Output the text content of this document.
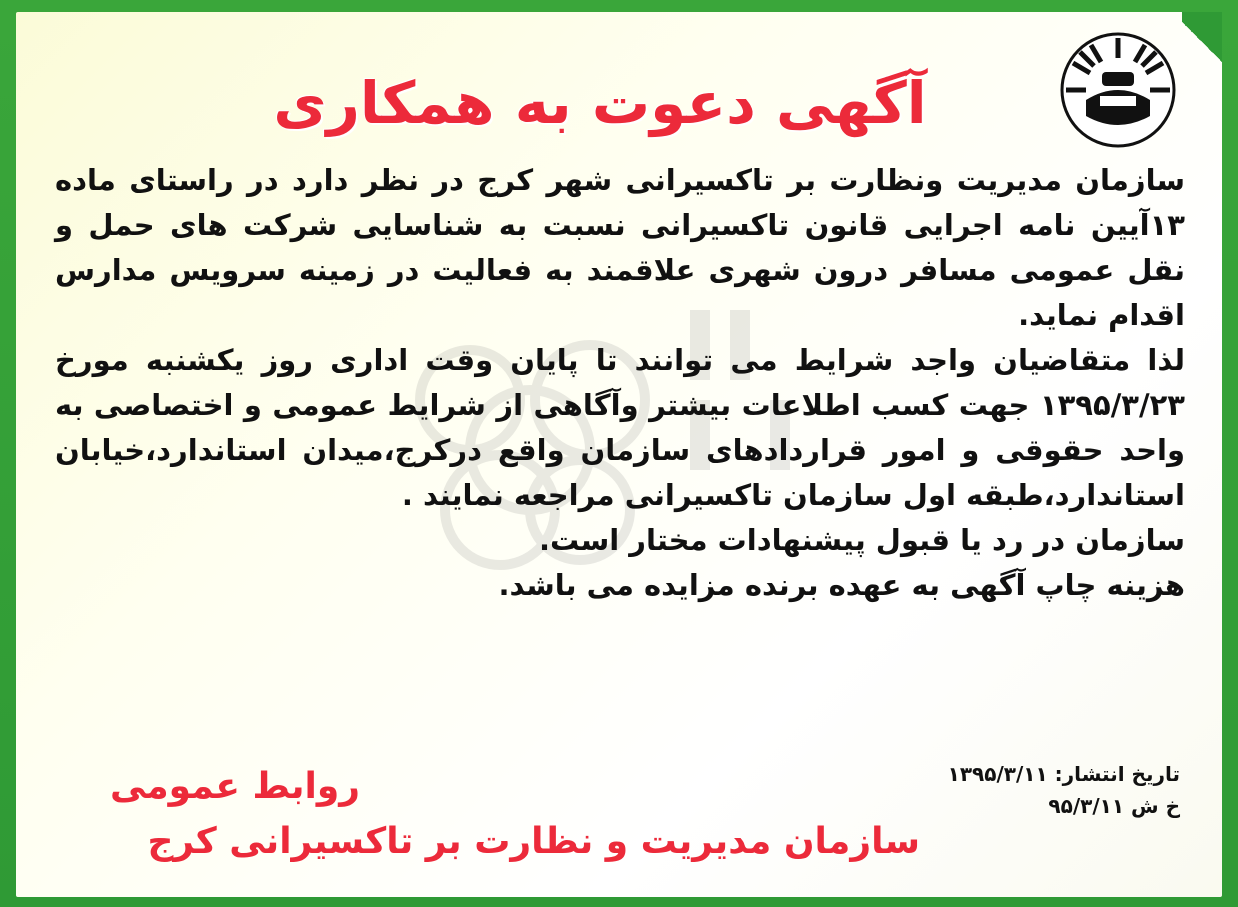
آگهی دعوت به همکاری
سازمان مدیریت ونظارت بر تاکسیرانی شهر کرج در نظر دارد در راستای ماده ۱۳آیین نامه اجرایی قانون تاکسیرانی نسبت به شناسایی شرکت های حمل و نقل عمومی مسافر درون شهری علاقمند به فعالیت در زمینه سرویس مدارس اقدام نماید.
لذا متقاضیان واجد شرایط می توانند تا پایان وقت اداری روز یکشنبه مورخ ۱۳۹۵/۳/۲۳ جهت کسب اطلاعات بیشتر وآگاهی از شرایط عمومی و اختصاصی به واحد حقوقی و امور قراردادهای سازمان واقع درکرج،میدان استاندارد،خیابان استاندارد،طبقه اول سازمان تاکسیرانی مراجعه نمایند .
سازمان در رد یا قبول پیشنهادات مختار است.
هزینه چاپ آگهی به عهده برنده مزایده می باشد.
تاریخ انتشار: ۱۳۹۵/۳/۱۱
خ ش ۹۵/۳/۱۱
روابط عمومی
سازمان مدیریت و نظارت بر تاکسیرانی کرج
